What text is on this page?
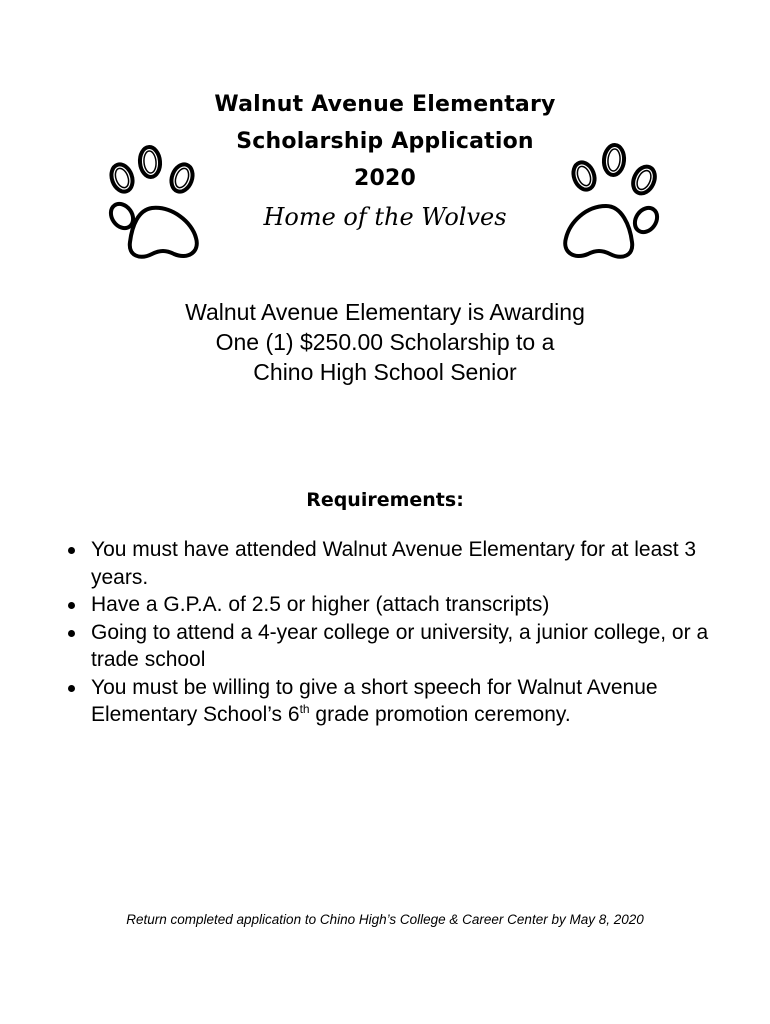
Walnut Avenue Elementary
Scholarship Application
2020
Home of the Wolves
Walnut Avenue Elementary is Awarding
One (1) $250.00 Scholarship to a
Chino High School Senior
Requirements:
You must have attended Walnut Avenue Elementary for at least 3 years.
Have a G.P.A. of 2.5 or higher (attach transcripts)
Going to attend a 4-year college or university, a junior college, or a trade school
You must be willing to give a short speech for Walnut Avenue Elementary School’s 6th grade promotion ceremony.
Return completed application to Chino High’s College & Career Center by May 8, 2020
